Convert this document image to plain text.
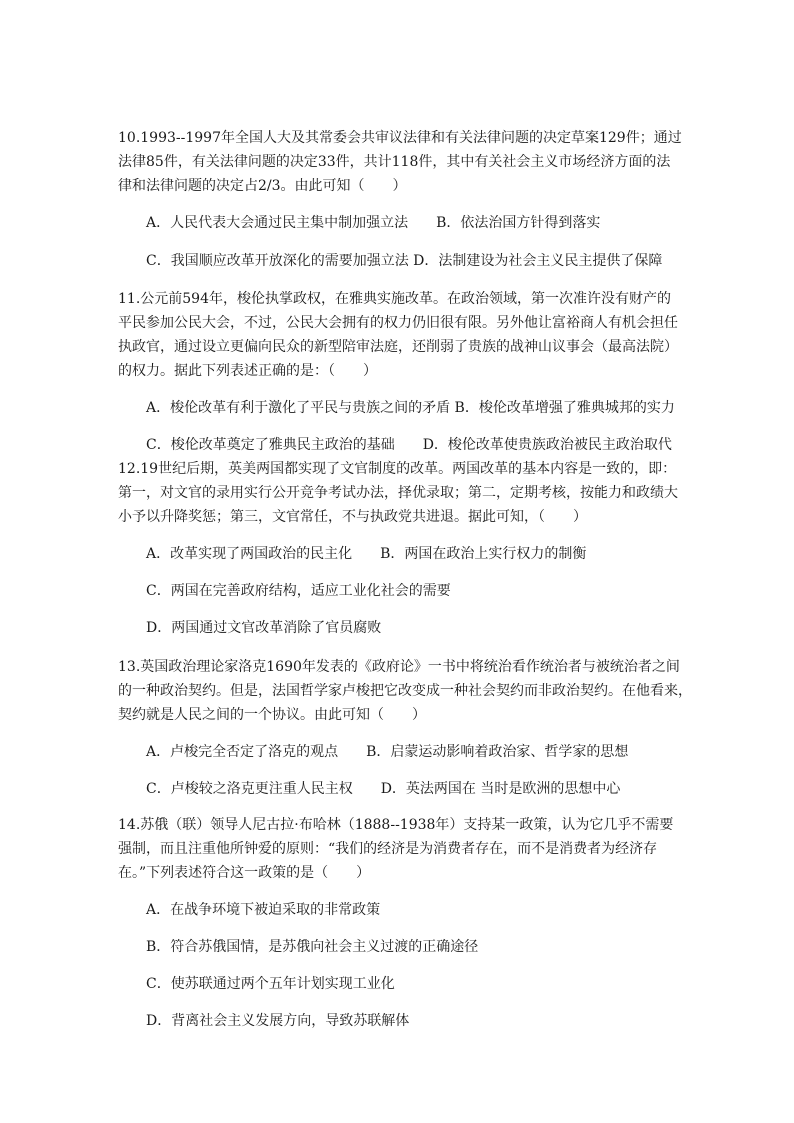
10.1993--1997年全国人大及其常委会共审议法律和有关法律问题的决定草案129件；通过
法律85件，有关法律问题的决定33件，共计118件，其中有关社会主义市场经济方面的法
律和法律问题的决定占2/3。由此可知（　　）
A．人民代表大会通过民主集中制加强立法　　B．依法治国方针得到落实
C．我国顺应改革开放深化的需要加强立法 D．法制建设为社会主义民主提供了保障
11.公元前594年，梭伦执掌政权，在雅典实施改革。在政治领域，第一次准许没有财产的
平民参加公民大会，不过，公民大会拥有的权力仍旧很有限。另外他让富裕商人有机会担任
执政官，通过设立更偏向民众的新型陪审法庭，还削弱了贵族的战神山议事会（最高法院）
的权力。据此下列表述正确的是：（　　）
A．梭伦改革有利于激化了平民与贵族之间的矛盾 B．梭伦改革增强了雅典城邦的实力
C．梭伦改革奠定了雅典民主政治的基础　　D．梭伦改革使贵族政治被民主政治取代
12.19世纪后期，英美两国都实现了文官制度的改革。两国改革的基本内容是一致的，即：
第一，对文官的录用实行公开竞争考试办法，择优录取；第二，定期考核，按能力和政绩大
小予以升降奖惩；第三，文官常任，不与执政党共进退。据此可知，（　　）
A．改革实现了两国政治的民主化　　B．两国在政治上实行权力的制衡
C．两国在完善政府结构，适应工业化社会的需要
D．两国通过文官改革消除了官员腐败
13.英国政治理论家洛克1690年发表的《政府论》一书中将统治看作统治者与被统治者之间
的一种政治契约。但是，法国哲学家卢梭把它改变成一种社会契约而非政治契约。在他看来，
契约就是人民之间的一个协议。由此可知（　　）
A．卢梭完全否定了洛克的观点　　B．启蒙运动影响着政治家、哲学家的思想
C．卢梭较之洛克更注重人民主权　　D．英法两国在 当时是欧洲的思想中心
14.苏俄（联）领导人尼古拉·布哈林（1888--1938年）支持某一政策，认为它几乎不需要
强制，而且注重他所钟爱的原则：“我们的经济是为消费者存在，而不是消费者为经济存
在。”下列表述符合这一政策的是（　　）
A．在战争环境下被迫采取的非常政策
B．符合苏俄国情，是苏俄向社会主义过渡的正确途径
C．使苏联通过两个五年计划实现工业化
D．背离社会主义发展方向，导致苏联解体
